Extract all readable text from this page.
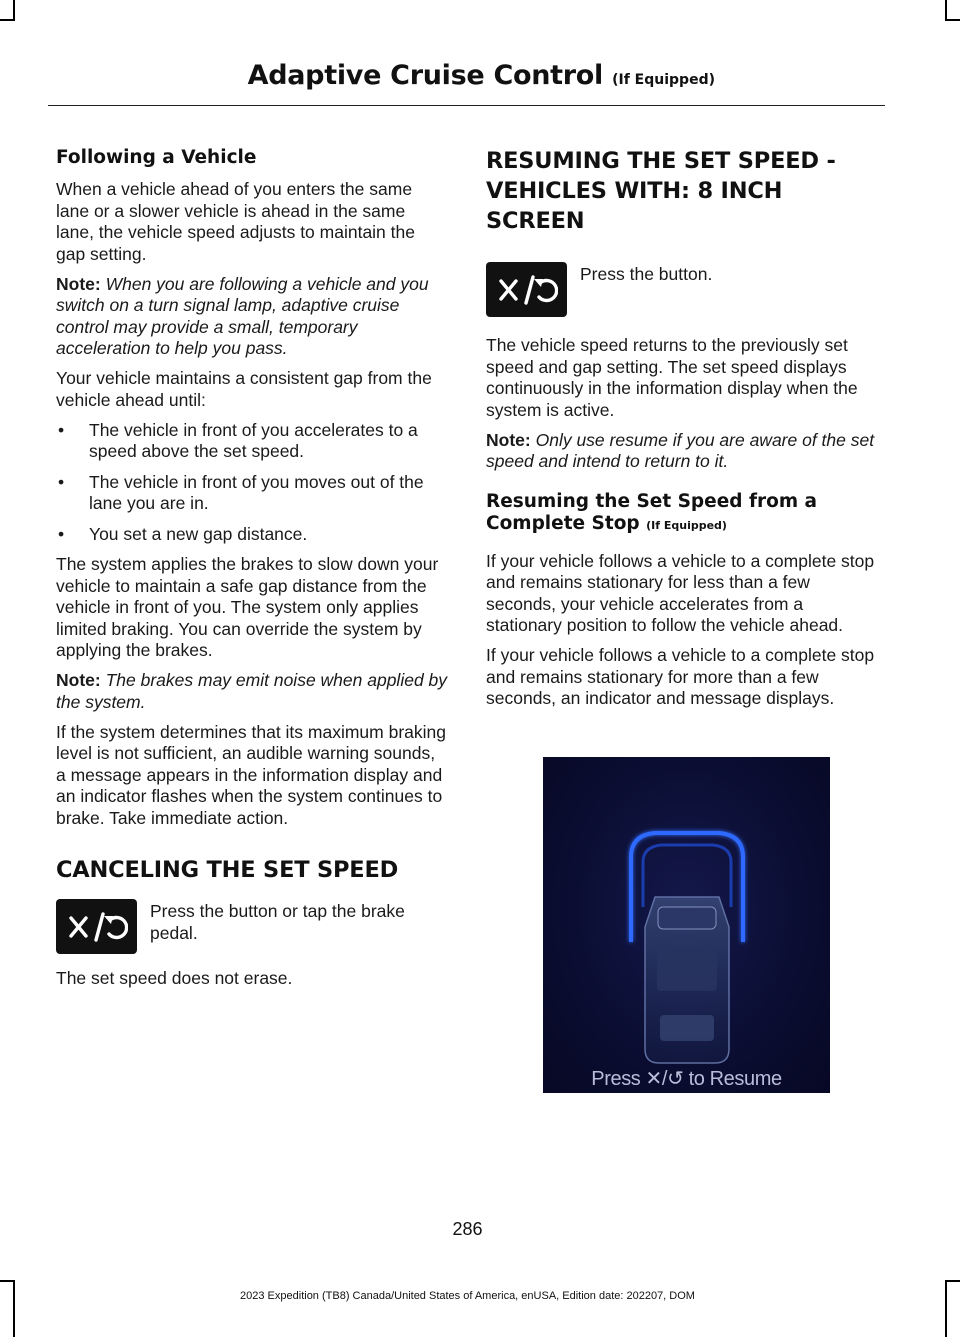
Adaptive Cruise Control (If Equipped)
Following a Vehicle

When a vehicle ahead of you enters the same lane or a slower vehicle is ahead in the same lane, the vehicle speed adjusts to maintain the gap setting.

Note: When you are following a vehicle and you switch on a turn signal lamp, adaptive cruise control may provide a small, temporary acceleration to help you pass.

Your vehicle maintains a consistent gap from the vehicle ahead until:

• The vehicle in front of you accelerates to a speed above the set speed.
• The vehicle in front of you moves out of the lane you are in.
• You set a new gap distance.

The system applies the brakes to slow down your vehicle to maintain a safe gap distance from the vehicle in front of you. The system only applies limited braking. You can override the system by applying the brakes.

Note: The brakes may emit noise when applied by the system.

If the system determines that its maximum braking level is not sufficient, an audible warning sounds, a message appears in the information display and an indicator flashes when the system continues to brake. Take immediate action.

CANCELING THE SET SPEED

Press the button or tap the brake pedal.

The set speed does not erase.

RESUMING THE SET SPEED -
VEHICLES WITH: 8 INCH
SCREEN

Press the button.

The vehicle speed returns to the previously set speed and gap setting. The set speed displays continuously in the information display when the system is active.

Note: Only use resume if you are aware of the set speed and intend to return to it.

Resuming the Set Speed from a Complete Stop (If Equipped)

If your vehicle follows a vehicle to a complete stop and remains stationary for less than a few seconds, your vehicle accelerates from a stationary position to follow the vehicle ahead.

If your vehicle follows a vehicle to a complete stop and remains stationary for more than a few seconds, an indicator and message displays.

Press ✕/↺ to Resume
286
2023 Expedition (TB8) Canada/United States of America, enUSA, Edition date: 202207, DOM
